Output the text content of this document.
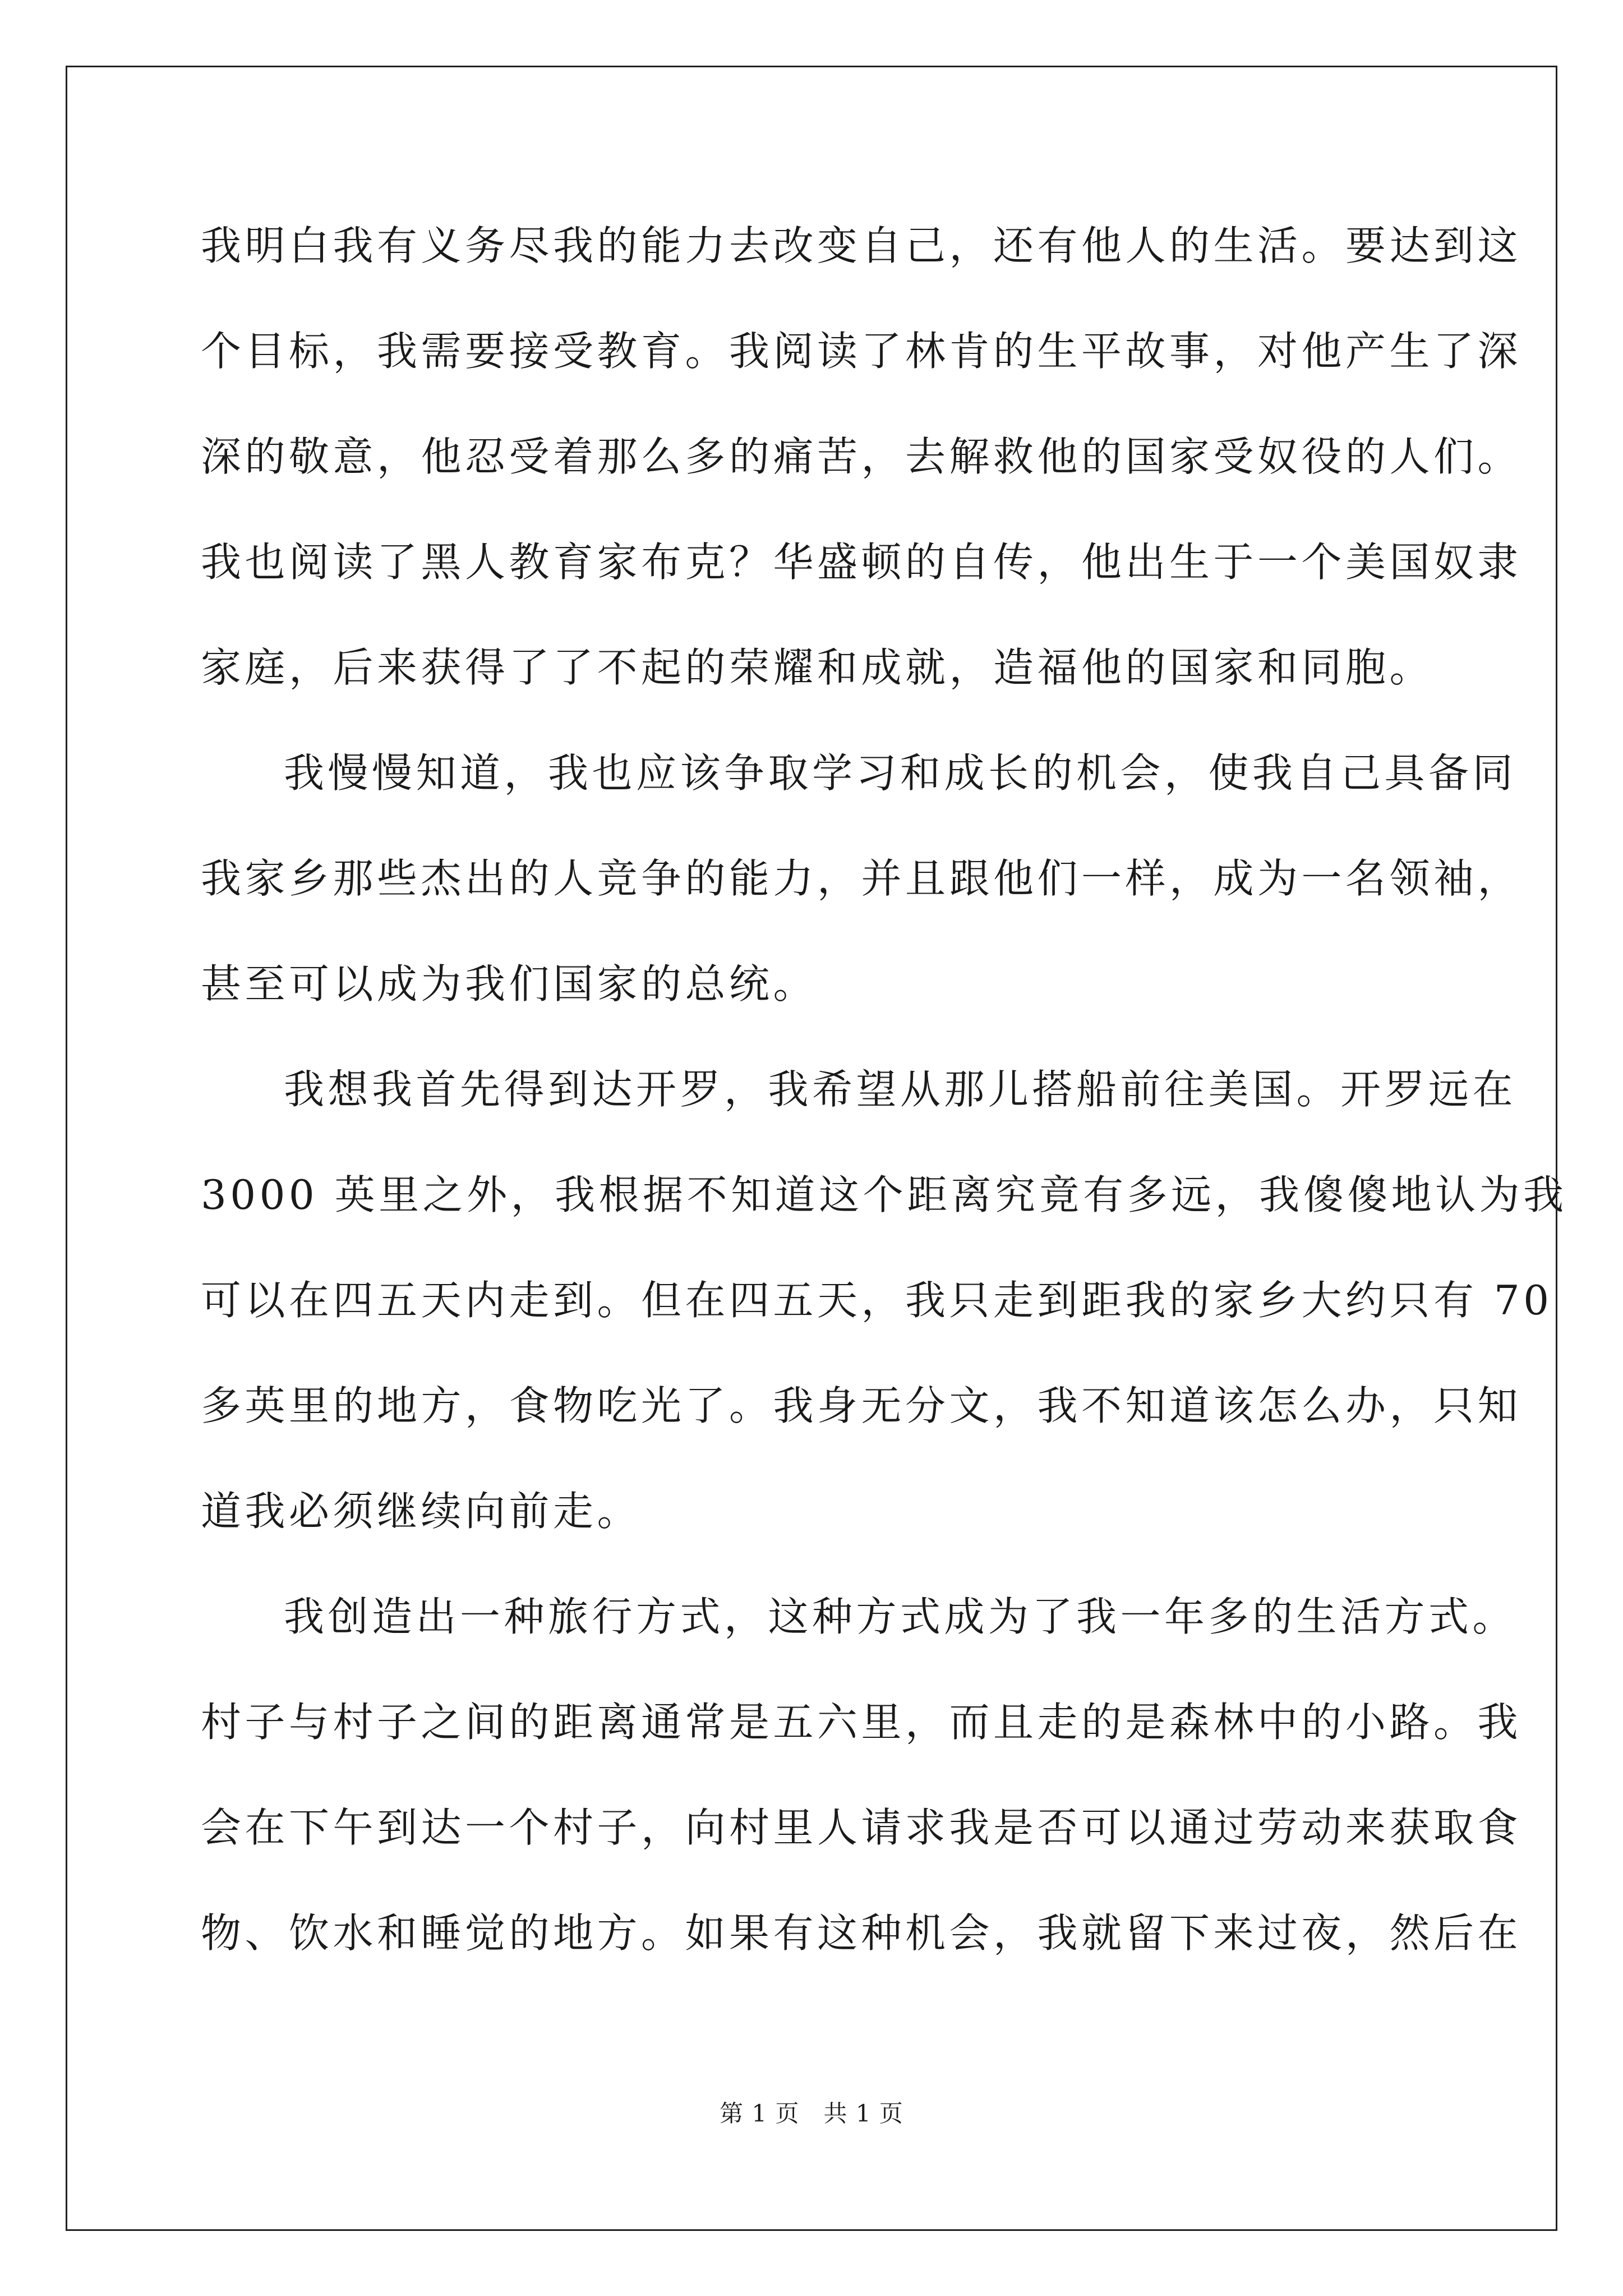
我明白我有义务尽我的能力去改变自己，还有他人的生活。要达到这
个目标，我需要接受教育。我阅读了林肯的生平故事，对他产生了深
深的敬意，他忍受着那么多的痛苦，去解救他的国家受奴役的人们。
我也阅读了黑人教育家布克？华盛顿的自传，他出生于一个美国奴隶
家庭，后来获得了了不起的荣耀和成就，造福他的国家和同胞。
我慢慢知道，我也应该争取学习和成长的机会，使我自己具备同
我家乡那些杰出的人竞争的能力，并且跟他们一样，成为一名领袖，
甚至可以成为我们国家的总统。
我想我首先得到达开罗，我希望从那儿搭船前往美国。开罗远在
3000 英里之外，我根据不知道这个距离究竟有多远，我傻傻地认为我
可以在四五天内走到。但在四五天，我只走到距我的家乡大约只有 70
多英里的地方，食物吃光了。我身无分文，我不知道该怎么办，只知
道我必须继续向前走。
我创造出一种旅行方式，这种方式成为了我一年多的生活方式。
村子与村子之间的距离通常是五六里，而且走的是森林中的小路。我
会在下午到达一个村子，向村里人请求我是否可以通过劳动来获取食
物、饮水和睡觉的地方。如果有这种机会，我就留下来过夜，然后在
第 1 页　共 1 页
